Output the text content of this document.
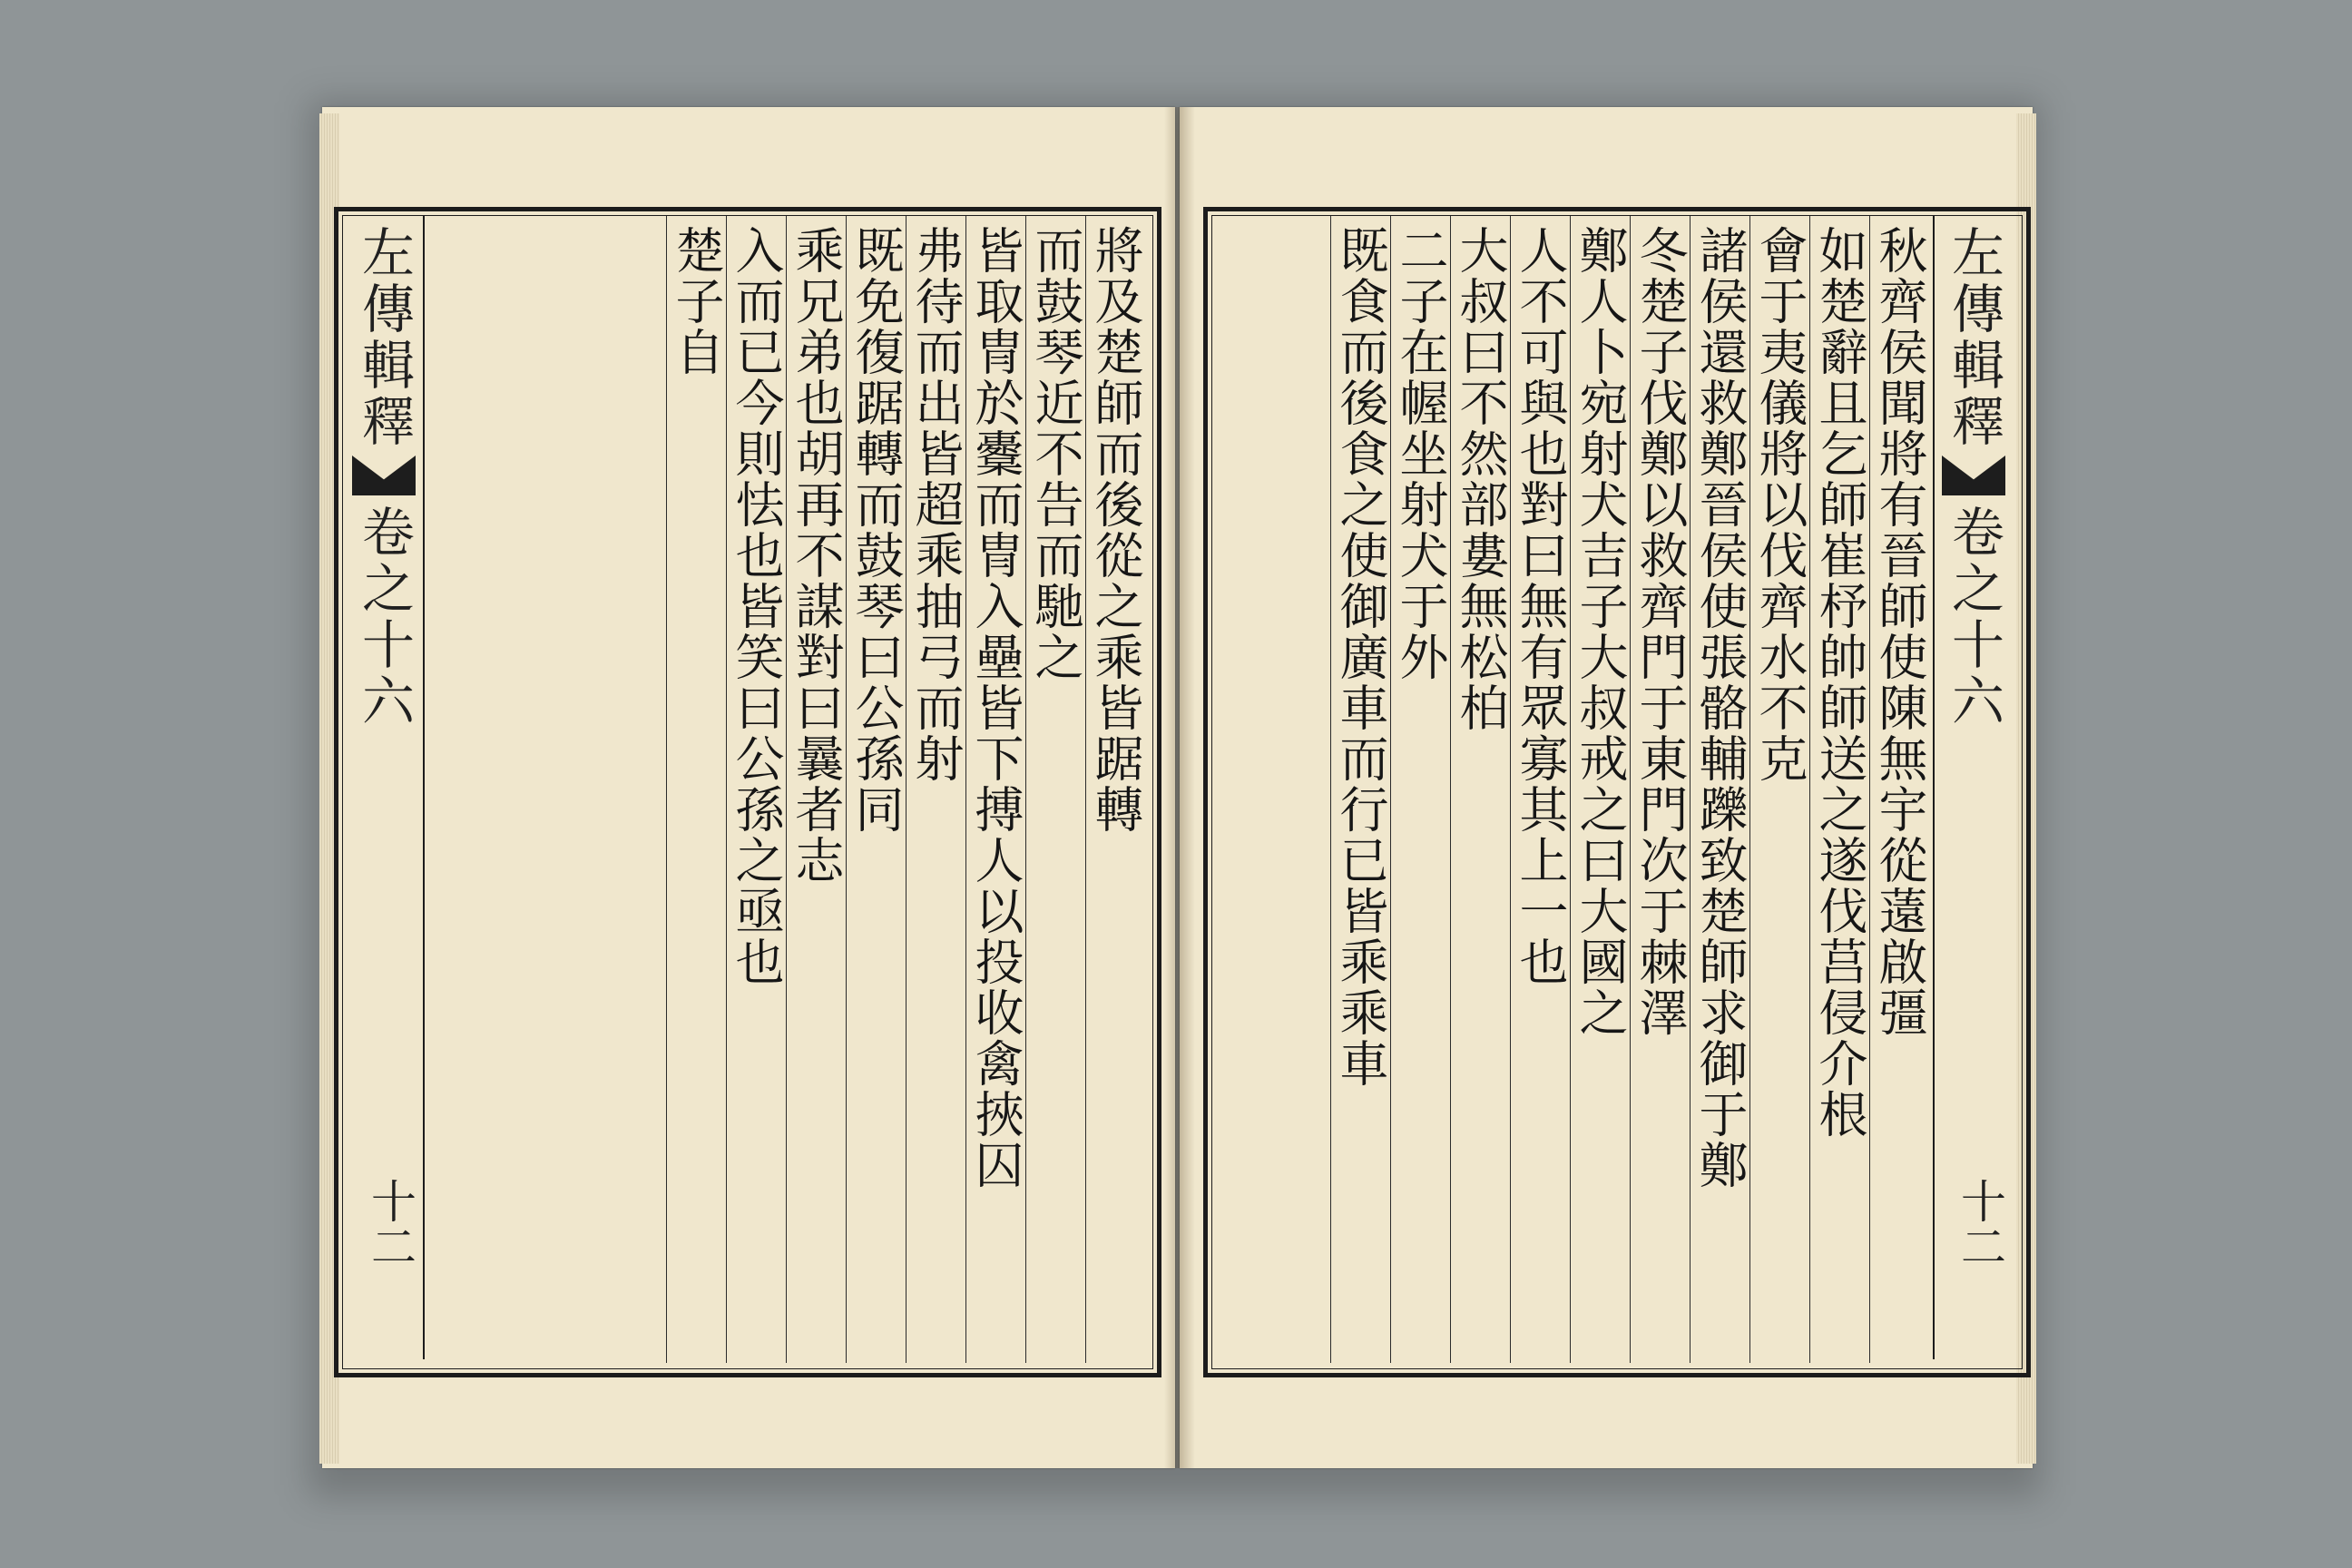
左傳輯釋
卷之十六
十二
左傳輯釋
卷之十六
十二
秋齊侯聞將有晉師使陳無宇從薳啟彊
如楚辭且乞師崔杼帥師送之遂伐莒侵介根
會于夷儀將以伐齊水不克
諸侯還救鄭晉侯使張骼輔躒致楚師求御于鄭
冬楚子伐鄭以救齊門于東門次于棘澤
鄭人卜宛射犬吉子大叔戒之曰大國之
人不可與也對曰無有眾寡其上一也
大叔曰不然部婁無松柏
二子在幄坐射犬于外
既食而後食之使御廣車而行已皆乘乘車
將及楚師而後從之乘皆踞轉
而鼓琴近不告而馳之
皆取冑於櫜而冑入壘皆下搏人以投收禽挾囚
弗待而出皆超乘抽弓而射
既免復踞轉而鼓琴曰公孫同
乘兄弟也胡再不謀對曰曩者志
入而已今則怯也皆笑曰公孫之亟也
楚子自
